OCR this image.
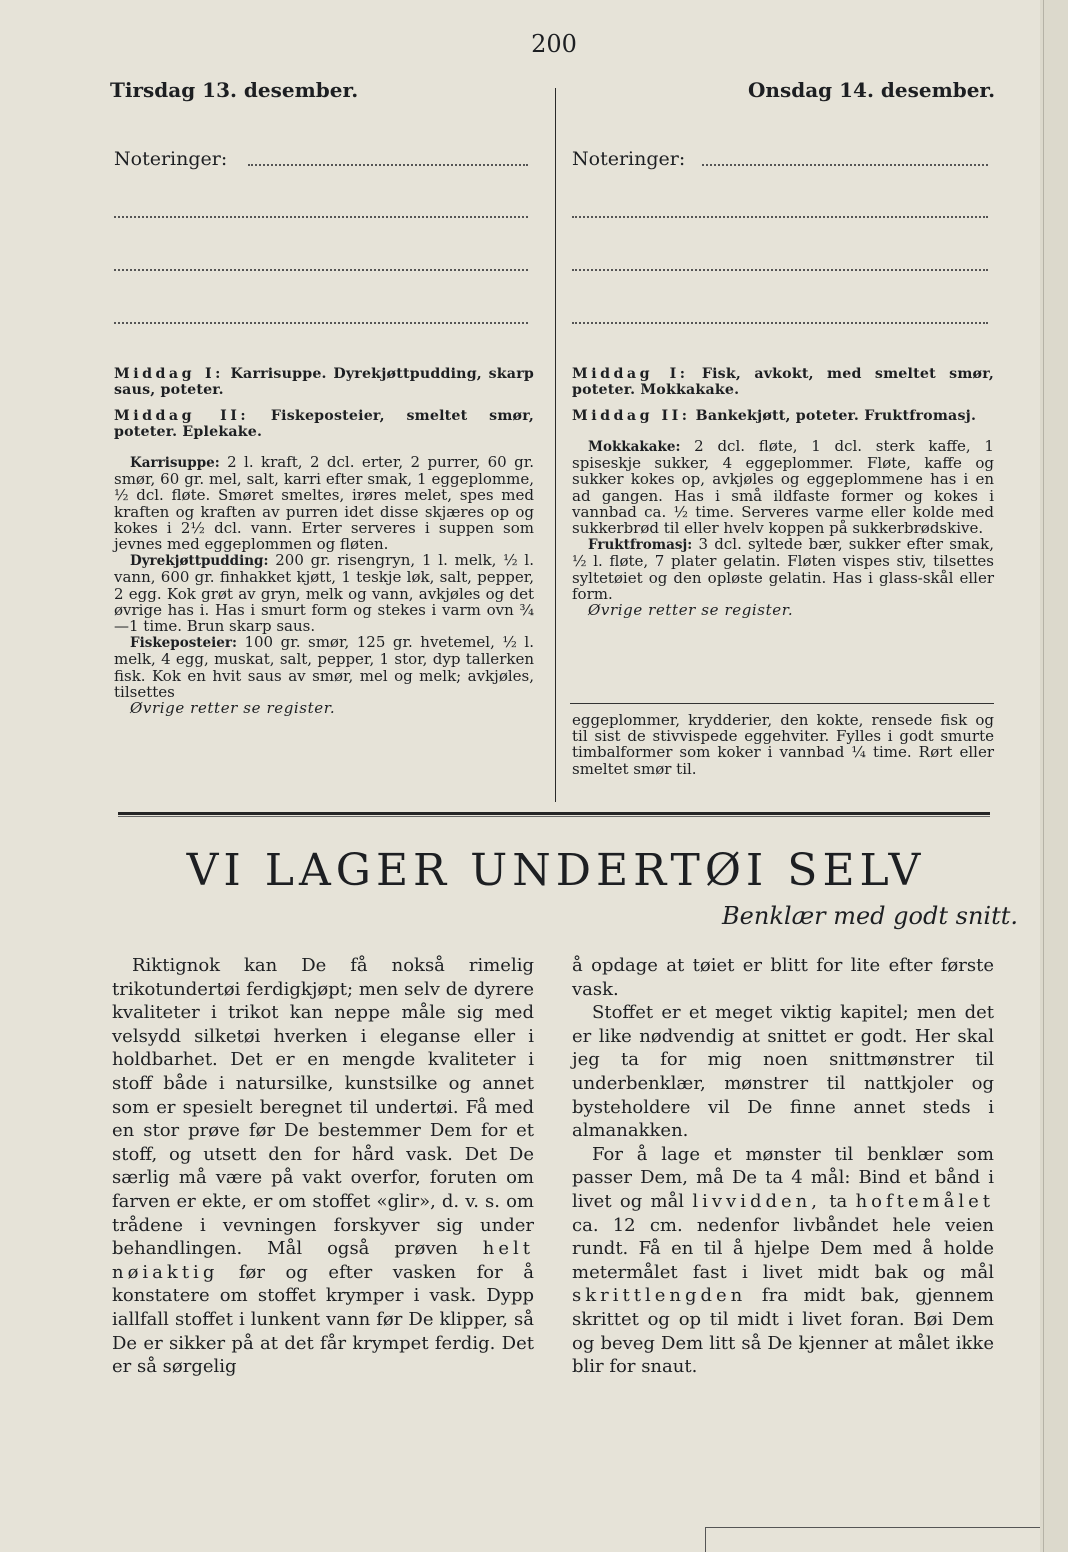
200
Tirsdag 13. desember.	Onsdag 14. desember.
Noteringer:	Noteringer:

Middag I: Karrisuppe. Dyrekjøttpudding, skarp saus, poteter.

Middag II: Fiskeposteier, smeltet smør, poteter. Eplekake.

Karrisuppe: 2 l. kraft, 2 dcl. erter, 2 purrer, 60 gr. smør, 60 gr. mel, salt, karri efter smak, 1 eggeplomme, ½ dcl. fløte. Smøret smeltes, irøres melet, spes med kraften og kraften av purren idet disse skjæres op og kokes i 2½ dcl. vann. Erter serveres i suppen som jevnes med eggeplommen og fløten.

Dyrekjøttpudding: 200 gr. risengryn, 1 l. melk, ½ l. vann, 600 gr. finhakket kjøtt, 1 teskje løk, salt, pepper, 2 egg. Kok grøt av gryn, melk og vann, avkjøles og det øvrige has i. Has i smurt form og stekes i varm ovn ¾—1 time. Brun skarp saus.

Fiskeposteier: 100 gr. smør, 125 gr. hvetemel, ½ l. melk, 4 egg, muskat, salt, pepper, 1 stor, dyp tallerken fisk. Kok en hvit saus av smør, mel og melk; avkjøles, tilsettes

Øvrige retter se register.

Middag I: Fisk, avkokt, med smeltet smør, poteter. Mokkakake.

Middag II: Bankekjøtt, poteter. Fruktfromasj.

Mokkakake: 2 dcl. fløte, 1 dcl. sterk kaffe, 1 spiseskje sukker, 4 eggeplommer. Fløte, kaffe og sukker kokes op, avkjøles og eggeplommene has i en ad gangen. Has i små ildfaste former og kokes i vannbad ca. ½ time. Serveres varme eller kolde med sukkerbrød til eller hvelv koppen på sukkerbrødskive.

Fruktfromasj: 3 dcl. syltede bær, sukker efter smak, ½ l. fløte, 7 plater gelatin. Fløten vispes stiv, tilsettes syltetøiet og den opløste gelatin. Has i glass-skål eller form.

Øvrige retter se register.

eggeplommer, krydderier, den kokte, rensede fisk og til sist de stivvispede eggehviter. Fylles i godt smurte timbalformer som koker i vannbad ¼ time. Rørt eller smeltet smør til.

VI LAGER UNDERTØI SELV
Benklær med godt snitt.

Riktignok kan De få nokså rimelig trikotundertøi ferdigkjøpt; men selv de dyrere kvaliteter i trikot kan neppe måle sig med velsydd silketøi hverken i eleganse eller i holdbarhet. Det er en mengde kvaliteter i stoff både i natursilke, kunstsilke og annet som er spesielt beregnet til undertøi. Få med en stor prøve før De bestemmer Dem for et stoff, og utsett den for hård vask. Det De særlig må være på vakt overfor, foruten om farven er ekte, er om stoffet «glir», d. v. s. om trådene i vevningen forskyver sig under behandlingen. Mål også prøven helt nøiaktig før og efter vasken for å konstatere om stoffet krymper i vask. Dypp iallfall stoffet i lunkent vann før De klipper, så De er sikker på at det får krympet ferdig. Det er så sørgelig

å opdage at tøiet er blitt for lite efter første vask.

Stoffet er et meget viktig kapitel; men det er like nødvendig at snittet er godt. Her skal jeg ta for mig noen snittmønstrer til underbenklær, mønstrer til nattkjoler og bysteholdere vil De finne annet steds i almanakken.

For å lage et mønster til benklær som passer Dem, må De ta 4 mål: Bind et bånd i livet og mål livvidden, ta hoftemålet ca. 12 cm. nedenfor livbåndet hele veien rundt. Få en til å hjelpe Dem med å holde metermålet fast i livet midt bak og mål skrittlengden fra midt bak, gjennem skrittet og op til midt i livet foran. Bøi Dem og beveg Dem litt så De kjenner at målet ikke blir for snaut.
